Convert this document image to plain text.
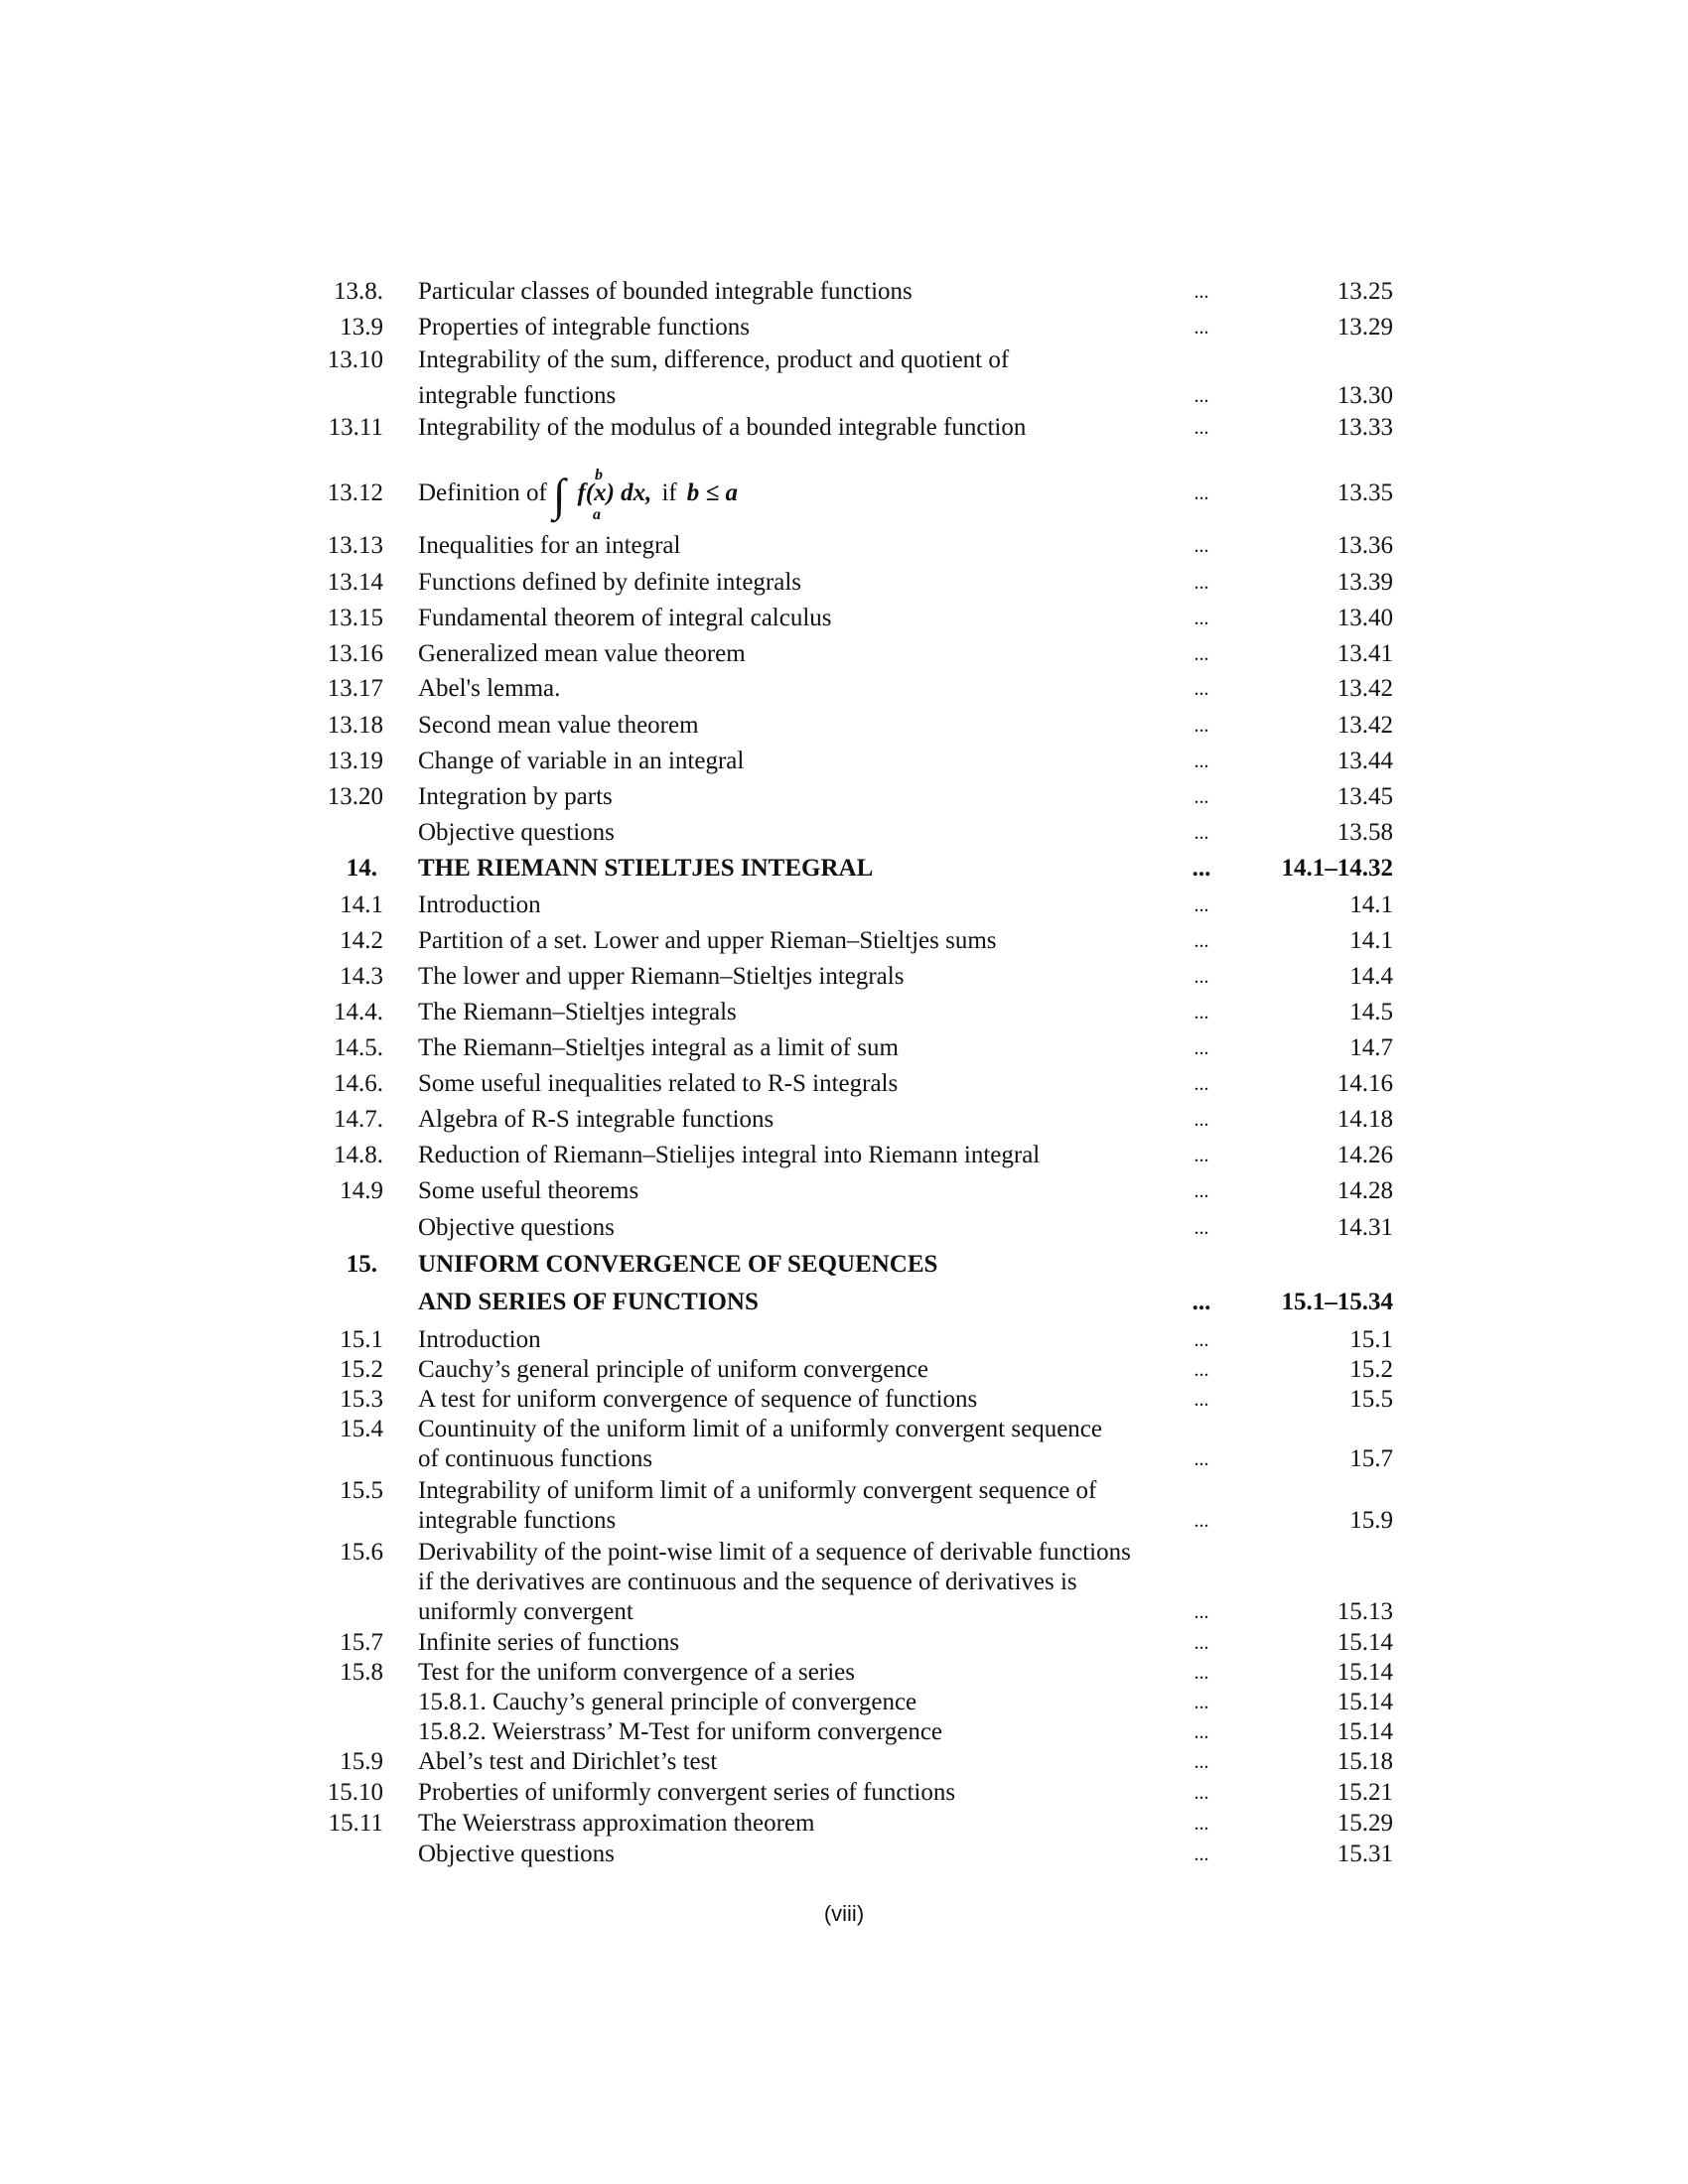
13.8. Particular classes of bounded integrable functions	...	13.25
13.9 Properties of integrable functions	...	13.29
13.10 Integrability of the sum, difference, product and quotient of
integrable functions	...	13.30
13.11 Integrability of the modulus of a bounded integrable function	...	13.33
13.12 Definition of ∫ b
a
f(x) dx, if b ≤ a	...	13.35
13.13 Inequalities for an integral	...	13.36
13.14 Functions defined by definite integrals	...	13.39
13.15 Fundamental theorem of integral calculus	...	13.40
13.16 Generalized mean value theorem	...	13.41
13.17 Abel's lemma.	...	13.42
13.18 Second mean value theorem	...	13.42
13.19 Change of variable in an integral	...	13.44
13.20 Integration by parts	...	13.45
Objective questions	...	13.58
14. THE RIEMANN STIELTJES INTEGRAL	...	14.1–14.32
14.1 Introduction	...	14.1
14.2 Partition of a set. Lower and upper Rieman–Stieltjes sums	...	14.1
14.3 The lower and upper Riemann–Stieltjes integrals	...	14.4
14.4. The Riemann–Stieltjes integrals	...	14.5
14.5. The Riemann–Stieltjes integral as a limit of sum	...	14.7
14.6. Some useful inequalities related to R-S integrals	...	14.16
14.7. Algebra of R-S integrable functions	...	14.18
14.8. Reduction of Riemann–Stielijes integral into Riemann integral	...	14.26
14.9 Some useful theorems	...	14.28
Objective questions	...	14.31
15. UNIFORM CONVERGENCE OF SEQUENCES
AND SERIES OF FUNCTIONS	...	15.1–15.34
15.1 Introduction	...	15.1
15.2 Cauchy’s general principle of uniform convergence	...	15.2
15.3 A test for uniform convergence of sequence of functions	...	15.5
15.4 Countinuity of the uniform limit of a uniformly convergent sequence
of continuous functions	...	15.7
15.5 Integrability of uniform limit of a uniformly convergent sequence of
integrable functions	...	15.9
15.6 Derivability of the point-wise limit of a sequence of derivable functions
if the derivatives are continuous and the sequence of derivatives is
uniformly convergent	...	15.13
15.7 Infinite series of functions	...	15.14
15.8 Test for the uniform convergence of a series	...	15.14
15.8.1. Cauchy’s general principle of convergence	...	15.14
15.8.2. Weierstrass’ M-Test for uniform convergence	...	15.14
15.9 Abel’s test and Dirichlet’s test	...	15.18
15.10 Proberties of uniformly convergent series of functions	...	15.21
15.11 The Weierstrass approximation theorem	...	15.29
Objective questions	...	15.31
(viii)
